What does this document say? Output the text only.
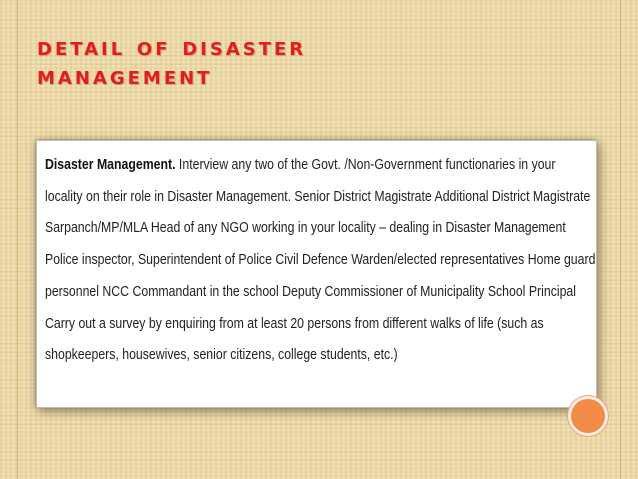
detail of disaster
management

Disaster Management. Interview any two of the Govt. /Non-Government functionaries in your locality on their role in Disaster Management. Senior District Magistrate Additional District Magistrate Sarpanch/MP/MLA Head of any NGO working in your locality – dealing in Disaster Management Police inspector, Superintendent of Police Civil Defence Warden/elected representatives Home guard personnel NCC Commandant in the school Deputy Commissioner of Municipality School Principal Carry out a survey by enquiring from at least 20 persons from different walks of life (such as shopkeepers, housewives, senior citizens, college students, etc.)
